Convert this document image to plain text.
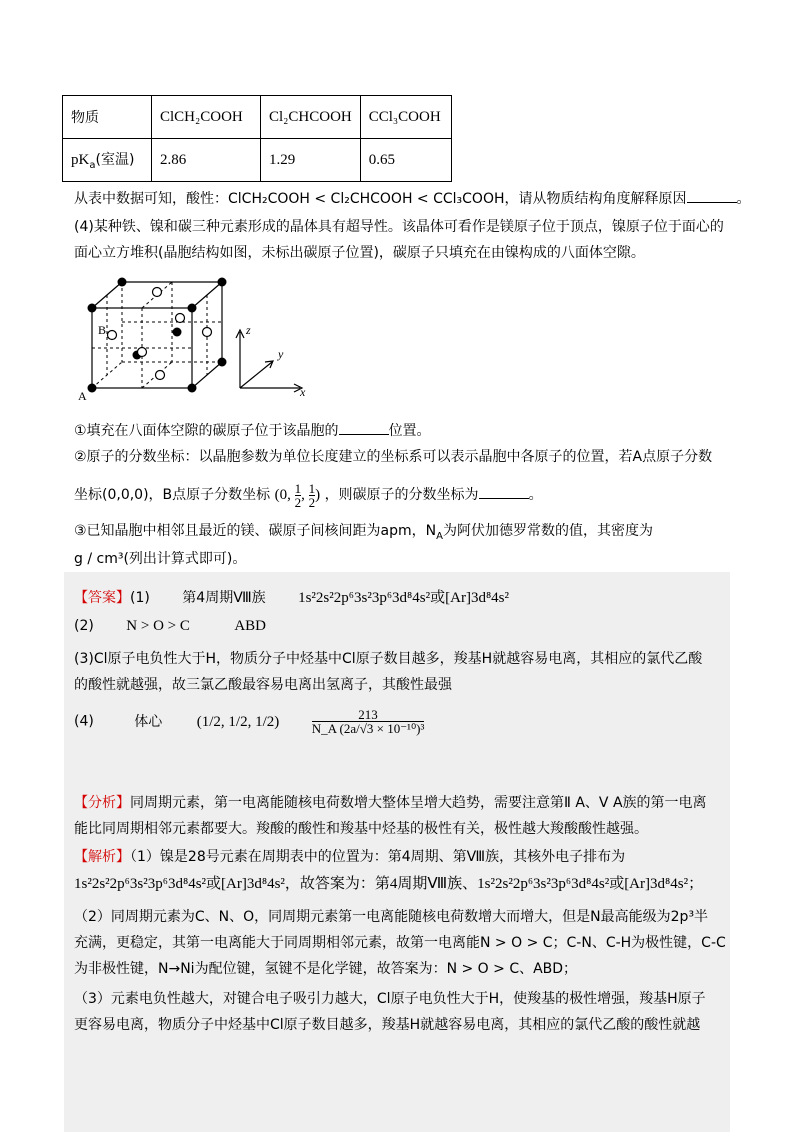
物质	ClCH₂COOH	Cl₂CHCOOH	CCl₃COOH
$pK_a$(室温)	2.86	1.29	0.65
从表中数据可知，酸性：ClCH₂COOH < Cl₂CHCOOH < CCl₃COOH，请从物质结构角度解释原因	。
(4)某种铁、镍和碳三种元素形成的晶体具有超导性。该晶体可看作是镁原子位于顶点，镍原子位于面心的
面心立方堆积(晶胞结构如图，未标出碳原子位置)，碳原子只填充在由镍构成的八面体空隙。
B
A
z
y
x
①填充在八面体空隙的碳原子位于该晶胞的	位置。
②原子的分数坐标：以晶胞参数为单位长度建立的坐标系可以表示晶胞中各原子的位置，若A点原子分数
坐标(0,0,0)，B点原子分数坐标 (0, $\frac{1}{2}$ , $\frac{1}{2}$ ) ，则碳原子的分数坐标为	。
③已知晶胞中相邻且最近的镁、碳原子间核间距为apm，$N_A$为阿伏加德罗常数的值，其密度为
g / cm³(列出计算式即可)。
【答案】(1) 第4周期Ⅷ族 1s²2s²2p⁶3s²3p⁶3d⁸4s²或[Ar]3d⁸4s²
(2) N > O > C	ABD
(3)Cl原子电负性大于H，物质分子中烃基中Cl原子数目越多，羧基H就越容易电离，其相应的氯代乙酸
的酸性就越强，故三氯乙酸最容易电离出氢离子，其酸性最强
(4)	体心 (1/2, 1/2, $1/2) \frac{213}{\text{N\_A (2a/√3 × 10⁻¹⁰)³}}$
【分析】同周期元素，第一电离能随核电荷数增大整体呈增大趋势，需要注意第Ⅱ A、Ⅴ A族的第一电离
能比同周期相邻元素都要大。羧酸的酸性和羧基中烃基的极性有关，极性越大羧酸酸性越强。
【解析】（1）镍是28号元素在周期表中的位置为：第4周期、第Ⅷ族，其核外电子排布为
1s²2s²2p⁶3s²3p⁶3d⁸4s²或[Ar]3d⁸4s²，故答案为：第4周期Ⅷ族、1s²2s²2p⁶3s²3p⁶3d⁸4s²或[Ar]3d⁸4s²；
（2）同周期元素为C、N、O，同周期元素第一电离能随核电荷数增大而增大，但是N最高能级为2p³半
充满，更稳定，其第一电离能大于同周期相邻元素，故第一电离能N > O > C；C-N、C-H为极性键，C-C
为非极性键，N→Ni为配位键，氢键不是化学键，故答案为：N > O > C、ABD；
（3）元素电负性越大，对键合电子吸引力越大，Cl原子电负性大于H，使羧基的极性增强，羧基H原子
更容易电离，物质分子中烃基中Cl原子数目越多，羧基H就越容易电离，其相应的氯代乙酸的酸性就越
